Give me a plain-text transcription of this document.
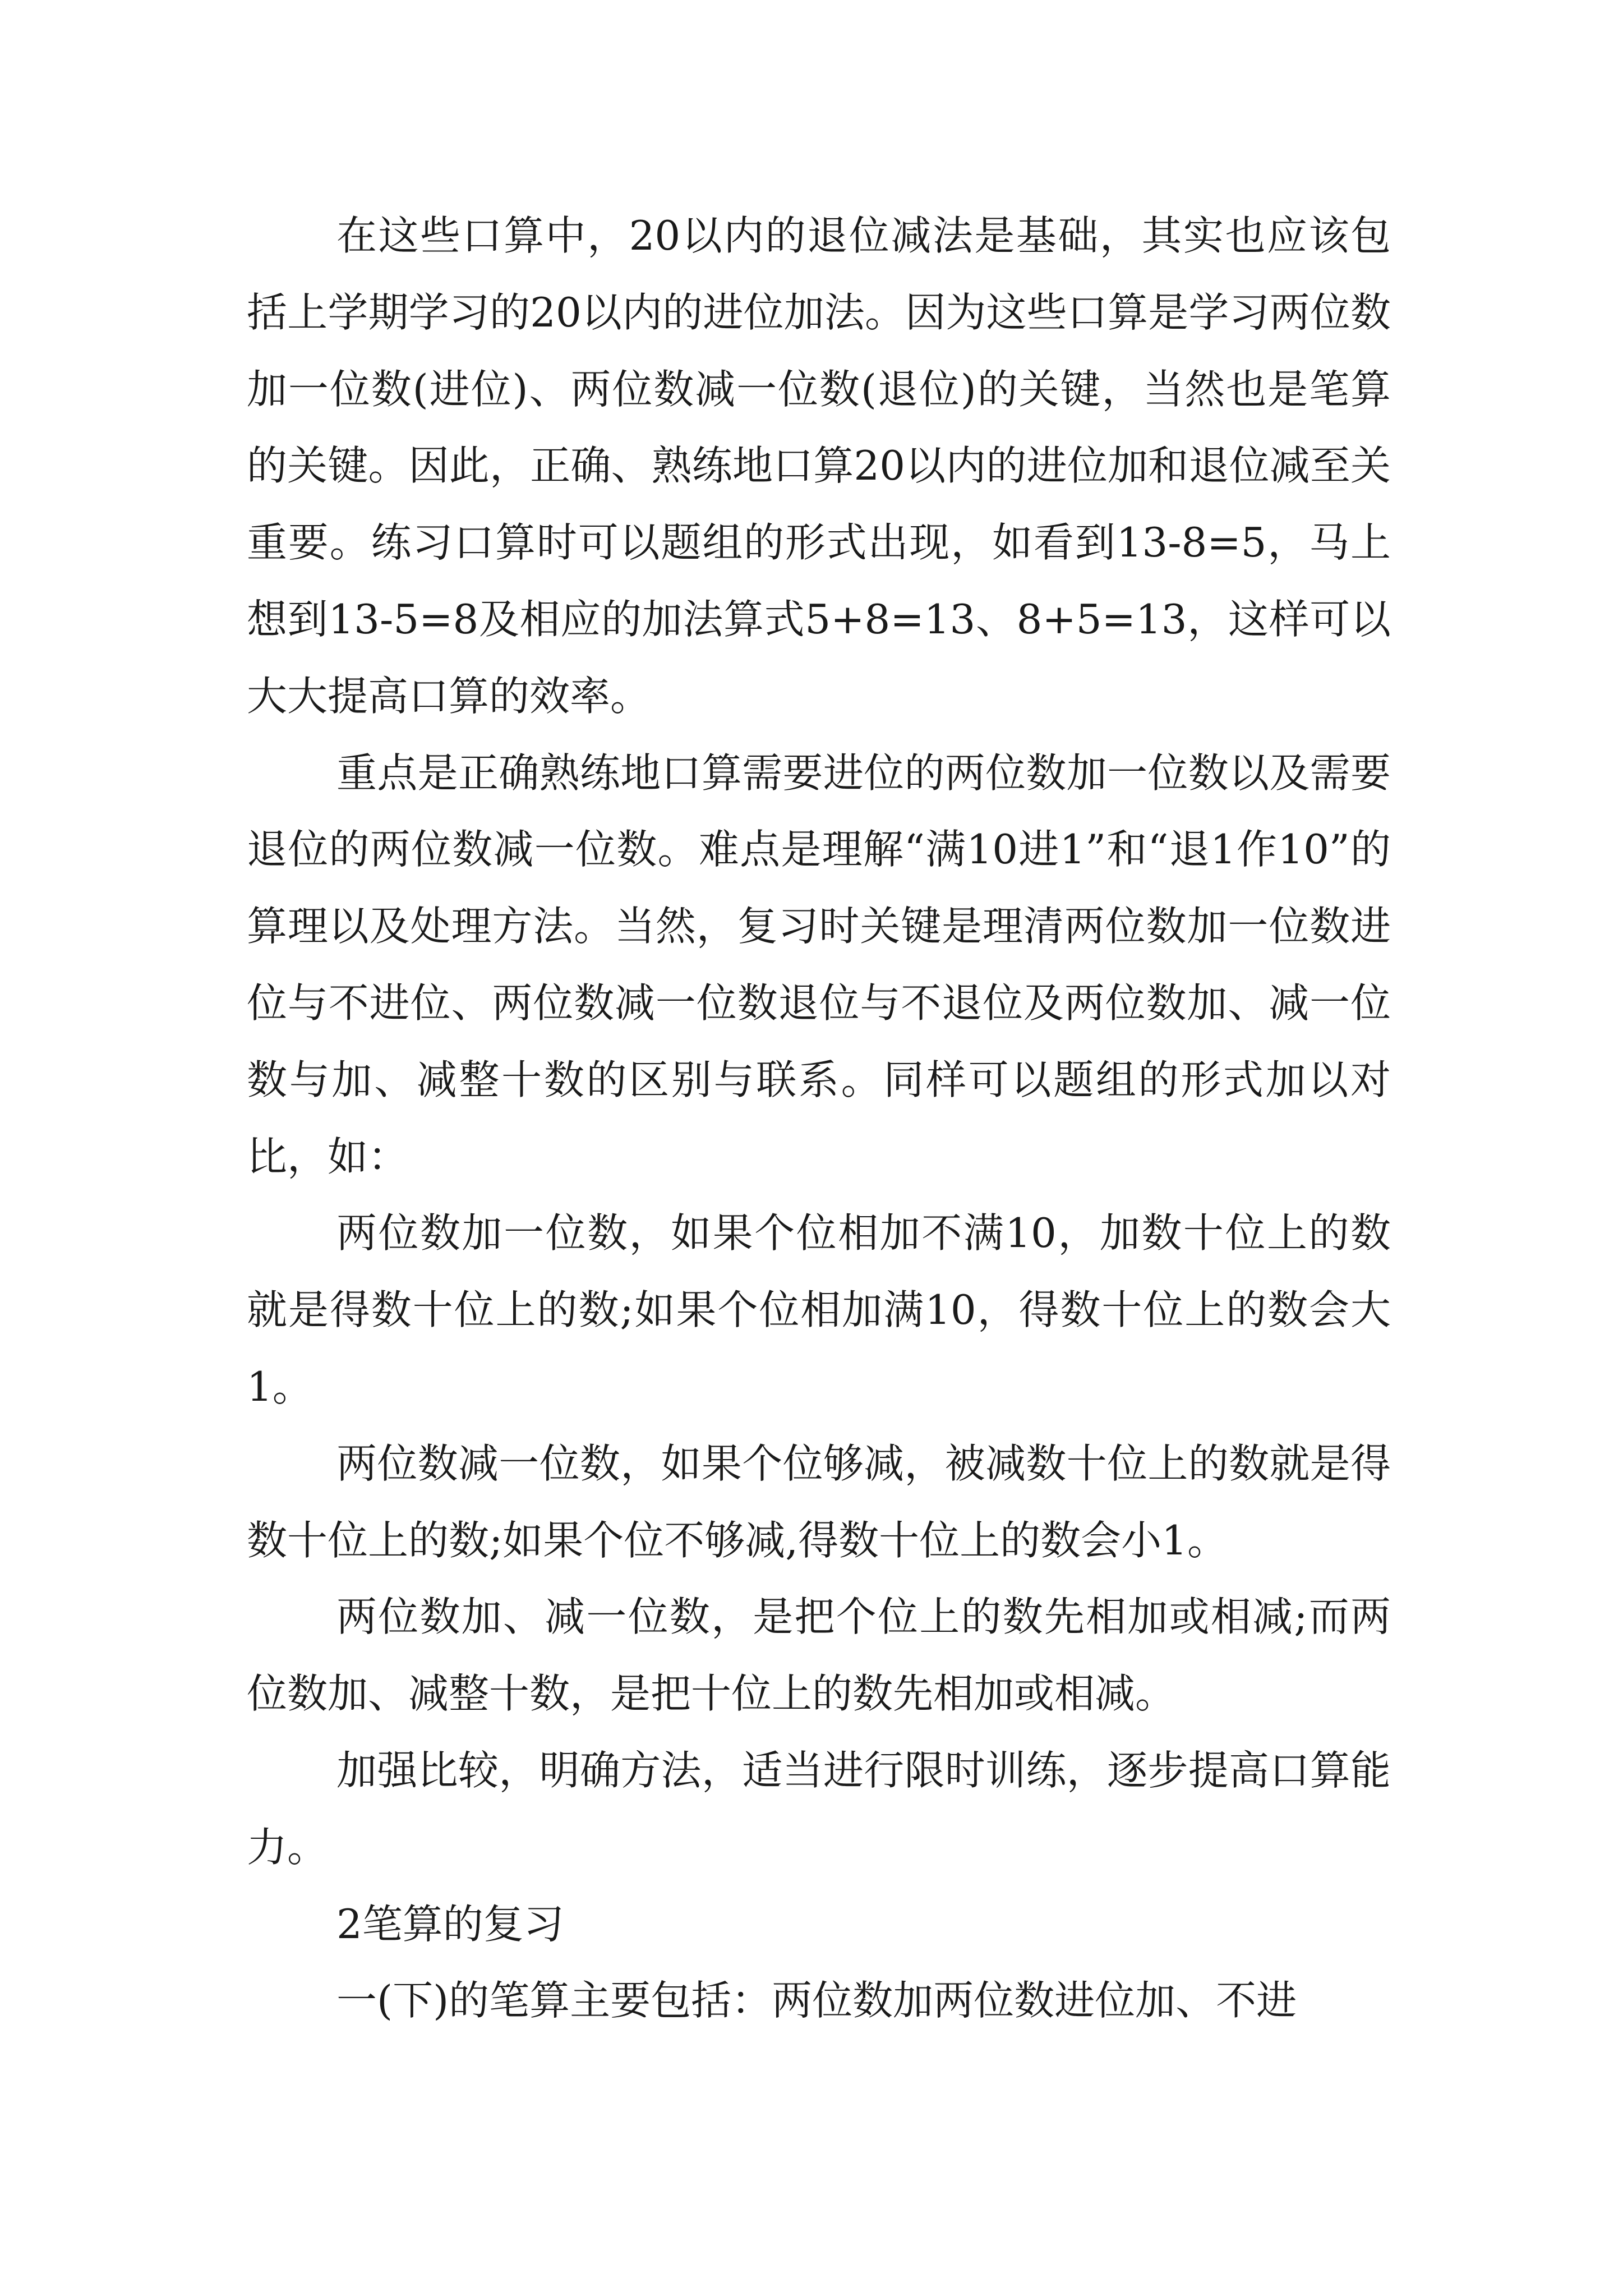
在这些口算中，20以内的退位减法是基础，其实也应该包括上学期学习的20以内的进位加法。因为这些口算是学习两位数加一位数(进位)、两位数减一位数(退位)的关键，当然也是笔算的关键。因此，正确、熟练地口算20以内的进位加和退位减至关重要。练习口算时可以题组的形式出现，如看到13-8=5，马上想到13-5=8及相应的加法算式5+8=13、8+5=13，这样可以大大提高口算的效率。

重点是正确熟练地口算需要进位的两位数加一位数以及需要退位的两位数减一位数。难点是理解“满10进1”和“退1作10”的算理以及处理方法。当然，复习时关键是理清两位数加一位数进位与不进位、两位数减一位数退位与不退位及两位数加、减一位数与加、减整十数的区别与联系。同样可以题组的形式加以对比，如：

两位数加一位数，如果个位相加不满10，加数十位上的数就是得数十位上的数;如果个位相加满10，得数十位上的数会大1。

两位数减一位数，如果个位够减，被减数十位上的数就是得数十位上的数;如果个位不够减,得数十位上的数会小1。

两位数加、减一位数，是把个位上的数先相加或相减;而两位数加、减整十数，是把十位上的数先相加或相减。

加强比较，明确方法，适当进行限时训练，逐步提高口算能力。

2笔算的复习

一(下)的笔算主要包括：两位数加两位数进位加、不进
